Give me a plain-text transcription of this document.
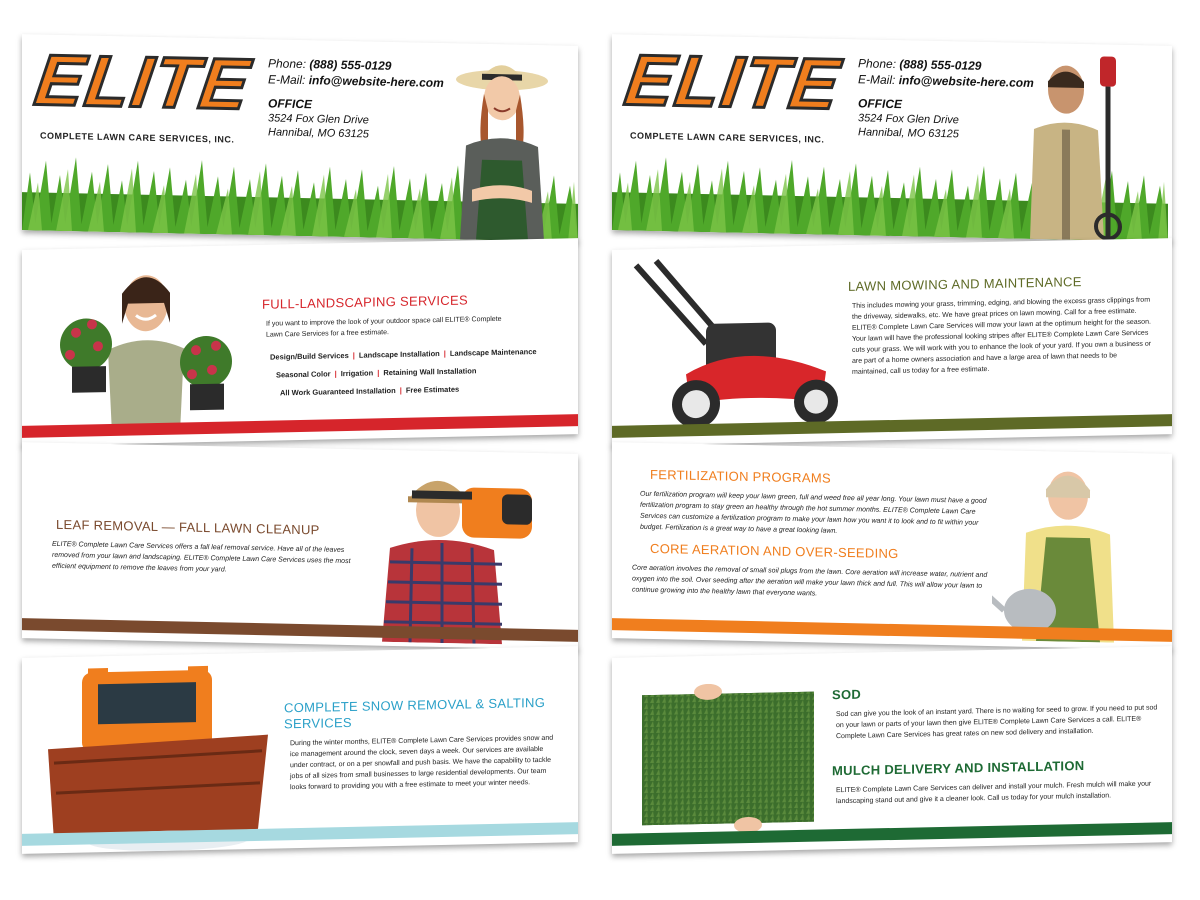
ELITE
COMPLETE LAWN CARE SERVICES, INC.
Phone: (888) 555-0129
E-Mail: info@website-here.com
OFFICE
3524 Fox Glen Drive
Hannibal, MO 63125
FULL-LANDSCAPING SERVICES
If you want to improve the look of your outdoor space call ELITE® Complete Lawn Care Services for a free estimate.
Design/Build Services | Landscape Installation | Landscape Maintenance
Seasonal Color | Irrigation | Retaining Wall Installation
All Work Guaranteed Installation | Free Estimates
LEAF REMOVAL — FALL LAWN CLEANUP
ELITE® Complete Lawn Care Services offers a fall leaf removal service. Have all of the leaves removed from your lawn and landscaping. ELITE® Complete Lawn Care Services uses the most efficient equipment to remove the leaves from your yard.
COMPLETE SNOW REMOVAL & SALTING
SERVICES
During the winter months, ELITE® Complete Lawn Care Services provides snow and ice management around the clock, seven days a week. Our services are available under contract, or on a per snowfall and push basis. We have the capability to tackle jobs of all sizes from small businesses to large residential developments. Our team looks forward to providing you with a free estimate to meet your winter needs.
ELITE
COMPLETE LAWN CARE SERVICES, INC.
Phone: (888) 555-0129
E-Mail: info@website-here.com
OFFICE
3524 Fox Glen Drive
Hannibal, MO 63125
LAWN MOWING AND MAINTENANCE
This includes mowing your grass, trimming, edging, and blowing the excess grass clippings from the driveway, sidewalks, etc. We have great prices on lawn mowing. Call for a free estimate. ELITE® Complete Lawn Care Services will mow your lawn at the optimum height for the season. Your lawn will have the professional looking stripes after ELITE® Complete Lawn Care Services cuts your grass. We will work with you to enhance the look of your yard. If you own a business or are part of a home owners association and have a large area of lawn that needs to be maintained, call us today for a free estimate.
FERTILIZATION PROGRAMS
Our fertilization program will keep your lawn green, full and weed free all year long. Your lawn must have a good fertilization program to stay green an healthy through the hot summer months. ELITE® Complete Lawn Care Services can customize a fertilization program to make your lawn how you want it to look and to fit within your budget. Fertilization is a great way to have a great looking lawn.
CORE AERATION AND OVER-SEEDING
Core aeration involves the removal of small soil plugs from the lawn. Core aeration will increase water, nutrient and oxygen into the soil. Over seeding after the aeration will make your lawn thick and full. This will allow your lawn to continue growing into the healthy lawn that everyone wants.
SOD
Sod can give you the look of an instant yard. There is no waiting for seed to grow. If you need to put sod on your lawn or parts of your lawn then give ELITE® Complete Lawn Care Services a call. ELITE® Complete Lawn Care Services has great rates on new sod delivery and installation.
MULCH DELIVERY AND INSTALLATION
ELITE® Complete Lawn Care Services can deliver and install your mulch. Fresh mulch will make your landscaping stand out and give it a cleaner look. Call us today for your mulch installation.
